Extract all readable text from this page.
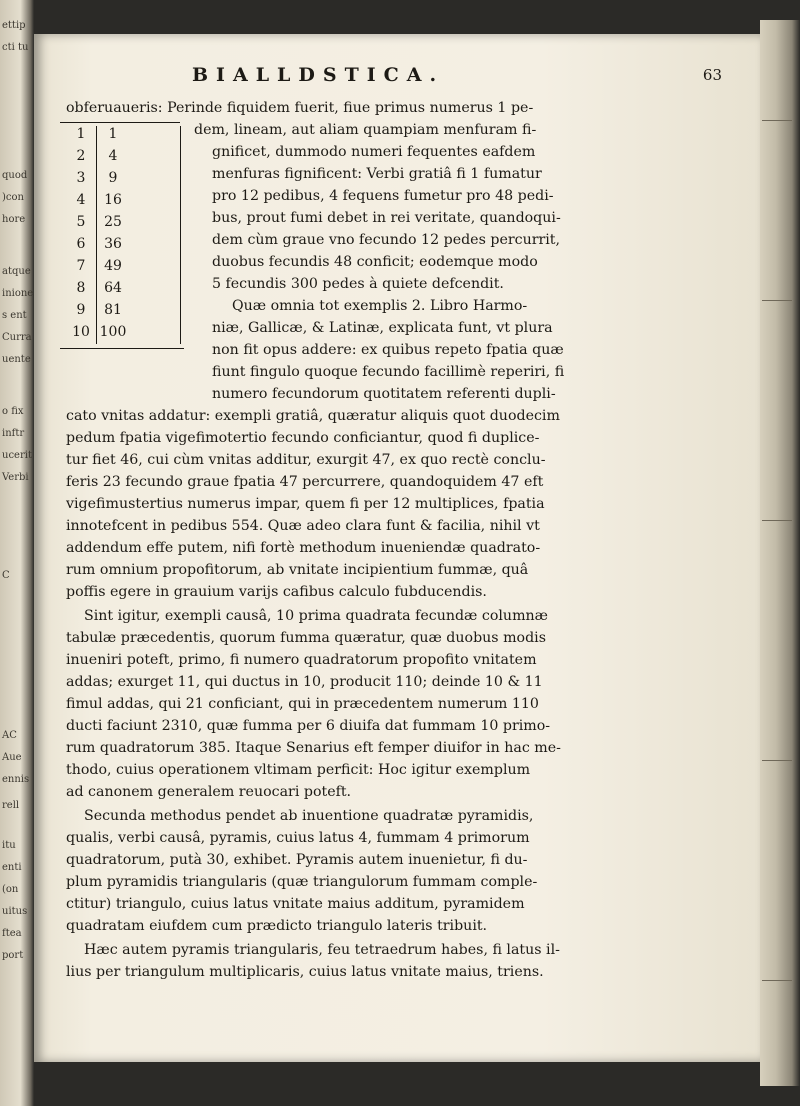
ettip
cti tu
quod
)con
hore
atque
inione
s ent
Curra
uente
o fix
inftr
ucerit
Verbi
C
AC
Aue
ennis
rell
itu
enti
(on
uitus
ftea
port
BIALLDSTICA.	63
obferuaueris: Perinde fiquidem fuerit, fiue primus numerus 1 pe-
1	1
2	4
3	9
4	16
5	25
6	36
7	49
8	64
9	81
10 100
dem, lineam, aut aliam quampiam menfuram fi-
gnificet, dummodo numeri fequentes eafdem
menfuras fignificent: Verbi gratiâ fi 1 fumatur
pro 12 pedibus, 4 fequens fumetur pro 48 pedi-
bus, prout fumi debet in rei veritate, quandoqui-
dem cùm graue vno fecundo 12 pedes percurrit,
duobus fecundis 48 conficit; eodemque modo
5 fecundis 300 pedes à quiete defcendit.
Quæ omnia tot exemplis 2. Libro Harmo-
niæ, Gallicæ, & Latinæ, explicata funt, vt plura
non fit opus addere: ex quibus repeto fpatia quæ
fiunt fingulo quoque fecundo facillimè reperiri, fi
numero fecundorum quotitatem referenti dupli-
cato vnitas addatur: exempli gratiâ, quæratur aliquis quot duodecim
pedum fpatia vigefimotertio fecundo conficiantur, quod fi duplice-
tur fiet 46, cui cùm vnitas additur, exurgit 47, ex quo rectè conclu-
feris 23 fecundo graue fpatia 47 percurrere, quandoquidem 47 eft
vigefimustertius numerus impar, quem fi per 12 multiplices, fpatia
innotefcent in pedibus 554. Quæ adeo clara funt & facilia, nihil vt
addendum effe putem, nifi fortè methodum inueniendæ quadrato-
rum omnium propofitorum, ab vnitate incipientium fummæ, quâ
poffis egere in grauium varijs cafibus calculo fubducendis.
Sint igitur, exempli causâ, 10 prima quadrata fecundæ columnæ
tabulæ præcedentis, quorum fumma quæratur, quæ duobus modis
inueniri poteft, primo, fi numero quadratorum propofito vnitatem
addas; exurget 11, qui ductus in 10, producit 110; deinde 10 & 11
fimul addas, qui 21 conficiant, qui in præcedentem numerum 110
ducti faciunt 2310, quæ fumma per 6 diuifa dat fummam 10 primo-
rum quadratorum 385. Itaque Senarius eft femper diuifor in hac me-
thodo, cuius operationem vltimam perficit: Hoc igitur exemplum
ad canonem generalem reuocari poteft.
Secunda methodus pendet ab inuentione quadratæ pyramidis,
qualis, verbi causâ, pyramis, cuius latus 4, fummam 4 primorum
quadratorum, putà 30, exhibet. Pyramis autem inuenietur, fi du-
plum pyramidis triangularis (quæ triangulorum fummam comple-
ctitur) triangulo, cuius latus vnitate maius additum, pyramidem
quadratam eiufdem cum prædicto triangulo lateris tribuit.
Hæc autem pyramis triangularis, feu tetraedrum habes, fi latus il-
lius per triangulum multiplicaris, cuius latus vnitate maius, triens.
